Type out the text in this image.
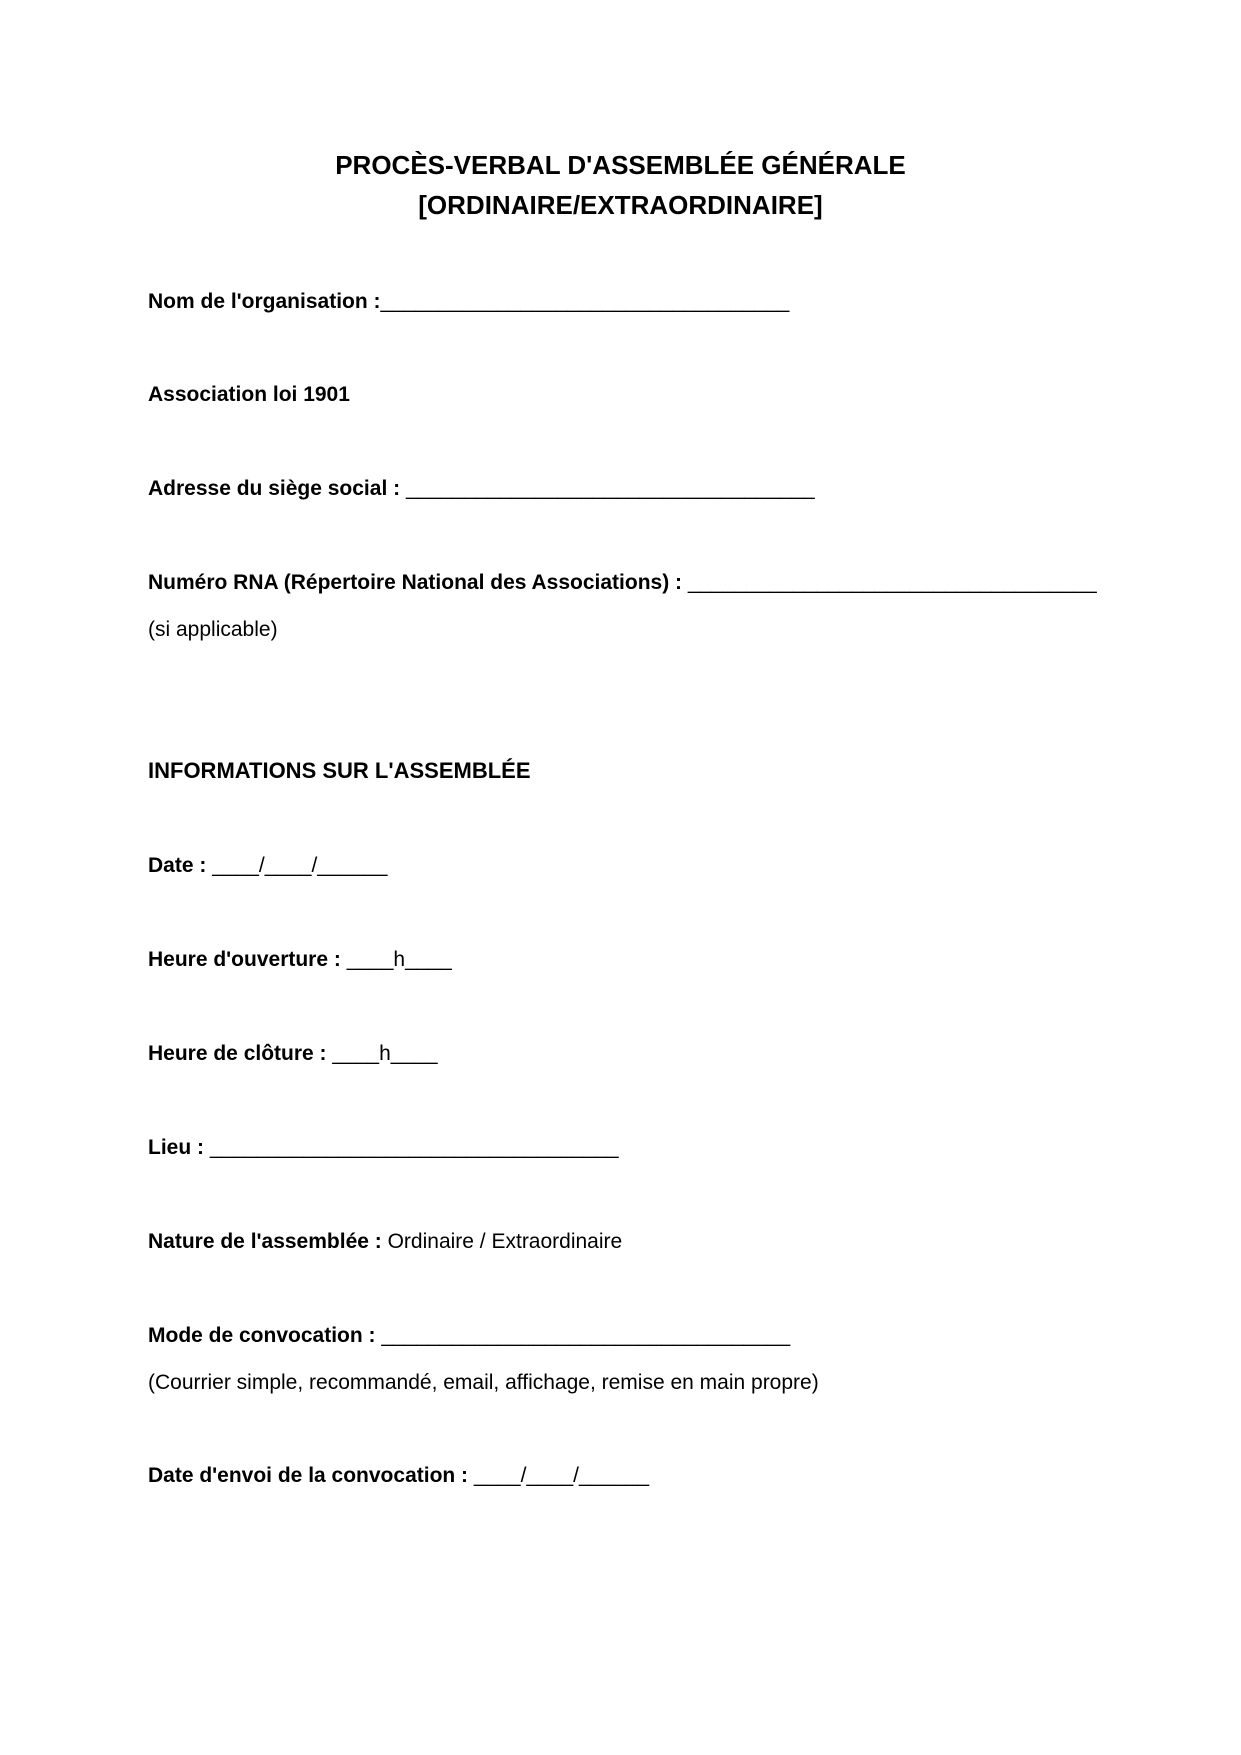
PROCÈS-VERBAL D'ASSEMBLÉE GÉNÉRALE
[ORDINAIRE/EXTRAORDINAIRE]
Nom de l'organisation :___________________________________
Association loi 1901
Adresse du siège social : ___________________________________
Numéro RNA (Répertoire National des Associations) : ___________________________________
(si applicable)
INFORMATIONS SUR L'ASSEMBLÉE
Date : ____/____/______
Heure d'ouverture : ____h____
Heure de clôture : ____h____
Lieu : ___________________________________
Nature de l'assemblée : Ordinaire / Extraordinaire
Mode de convocation : ___________________________________
(Courrier simple, recommandé, email, affichage, remise en main propre)
Date d'envoi de la convocation : ____/____/______
